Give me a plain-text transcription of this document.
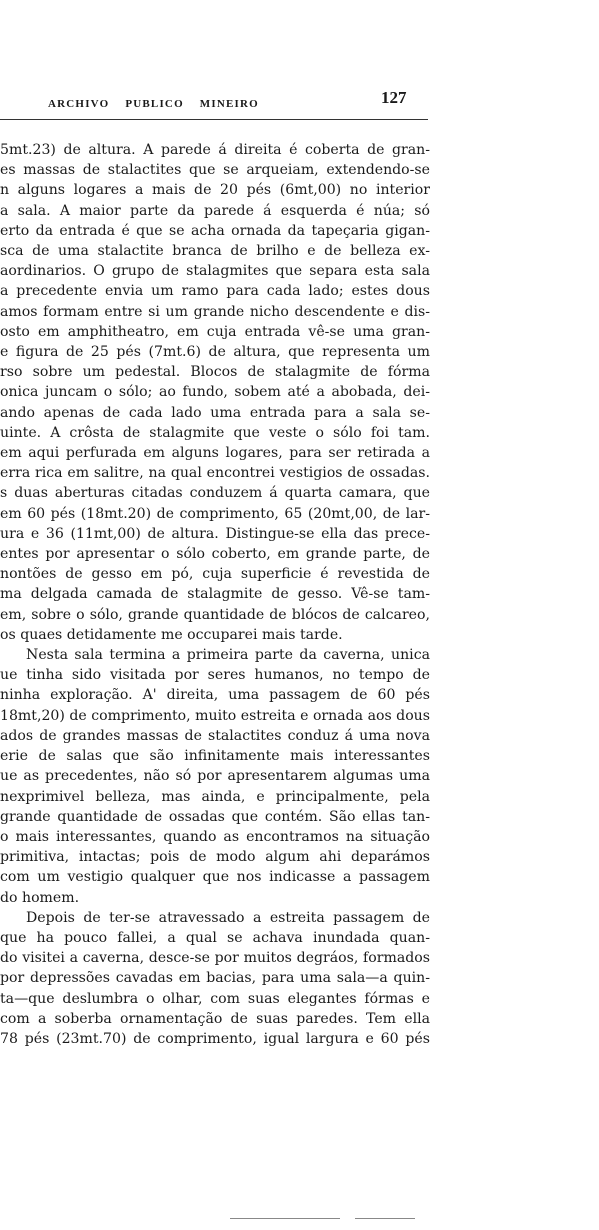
ARCHIVO PUBLICO MINEIRO	127
5mt.23) de altura. A parede á direita é coberta de gran-
es massas de stalactites que se arqueiam, extendendo-se
n alguns logares a mais de 20 pés (6mt,00) no interior
a sala. A maior parte da parede á esquerda é núa; só
erto da entrada é que se acha ornada da tapeçaria gigan-
sca de uma stalactite branca de brilho e de belleza ex-
aordinarios. O grupo de stalagmites que separa esta sala
a precedente envia um ramo para cada lado; estes dous
amos formam entre si um grande nicho descendente e dis-
osto em amphitheatro, em cuja entrada vê-se uma gran-
e figura de 25 pés (7mt.6) de altura, que representa um
rso sobre um pedestal. Blocos de stalagmite de fórma
onica juncam o sólo; ao fundo, sobem até a abobada, dei-
ando apenas de cada lado uma entrada para a sala se-
uinte. A crôsta de stalagmite que veste o sólo foi tam.
em aqui perfurada em alguns logares, para ser retirada a
erra rica em salitre, na qual encontrei vestigios de ossadas.
s duas aberturas citadas conduzem á quarta camara, que
em 60 pés (18mt.20) de comprimento, 65 (20mt,00, de lar-
ura e 36 (11mt,00) de altura. Distingue-se ella das prece-
entes por apresentar o sólo coberto, em grande parte, de
nontões de gesso em pó, cuja superficie é revestida de
ma delgada camada de stalagmite de gesso. Vê-se tam-
em, sobre o sólo, grande quantidade de blócos de calcareo,
os quaes detidamente me occuparei mais tarde.
Nesta sala termina a primeira parte da caverna, unica
ue tinha sido visitada por seres humanos, no tempo de
ninha exploração. A' direita, uma passagem de 60 pés
18mt,20) de comprimento, muito estreita e ornada aos dous
ados de grandes massas de stalactites conduz á uma nova
erie de salas que são infinitamente mais interessantes
ue as precedentes, não só por apresentarem algumas uma
nexprimivel belleza, mas ainda, e principalmente, pela
grande quantidade de ossadas que contém. São ellas tan-
o mais interessantes, quando as encontramos na situação
primitiva, intactas; pois de modo algum ahi deparámos
com um vestigio qualquer que nos indicasse a passagem
do homem.
Depois de ter-se atravessado a estreita passagem de
que ha pouco fallei, a qual se achava inundada quan-
do visitei a caverna, desce-se por muitos degráos, formados
por depressões cavadas em bacias, para uma sala—a quin-
ta—que deslumbra o olhar, com suas elegantes fórmas e
com a soberba ornamentação de suas paredes. Tem ella
78 pés (23mt.70) de comprimento, igual largura e 60 pés
